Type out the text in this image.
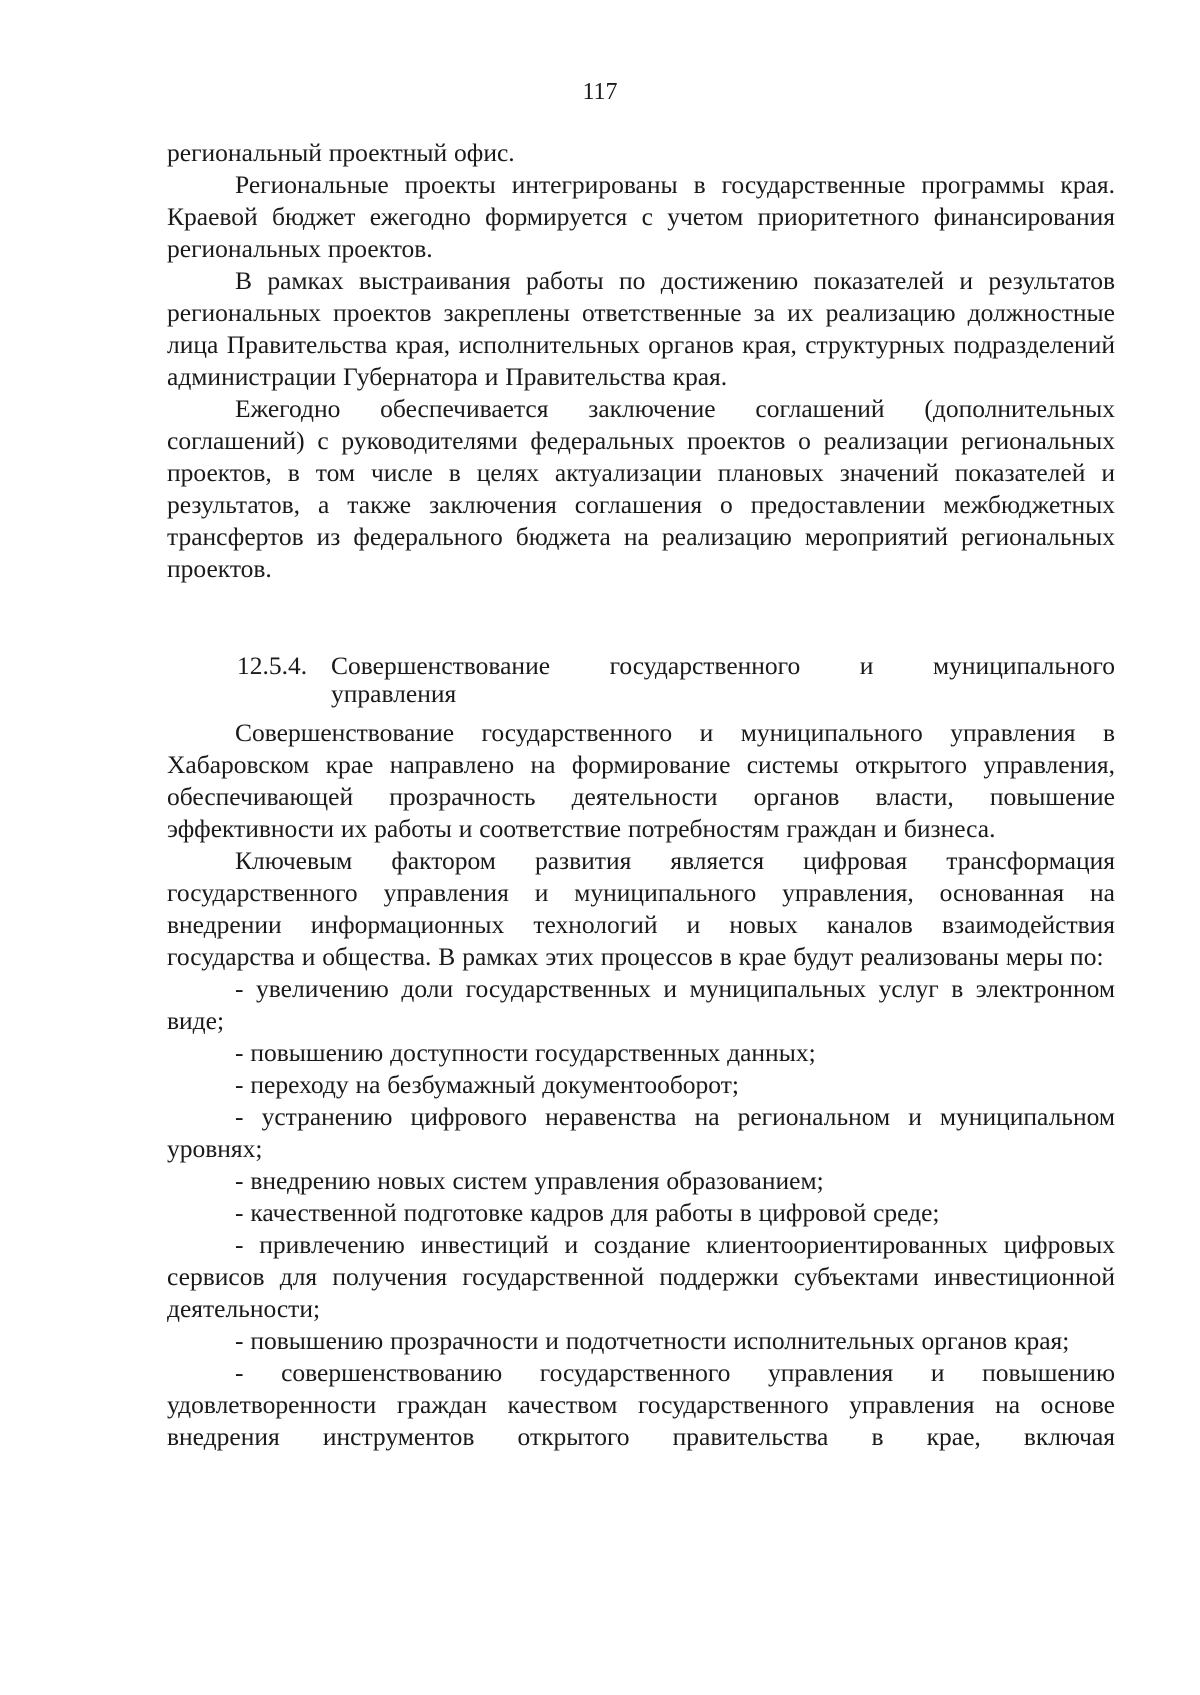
117

региональный проектный офис.

Региональные проекты интегрированы в государственные программы края. Краевой бюджет ежегодно формируется с учетом приоритетного финансирования региональных проектов.

В рамках выстраивания работы по достижению показателей и результатов региональных проектов закреплены ответственные за их реализацию должностные лица Правительства края, исполнительных органов края, структурных подразделений администрации Губернатора и Правительства края.

Ежегодно обеспечивается заключение соглашений (дополнительных соглашений) с руководителями федеральных проектов о реализации региональных проектов, в том числе в целях актуализации плановых значений показателей и результатов, а также заключения соглашения о предоставлении межбюджетных трансфертов из федерального бюджета на реализацию мероприятий региональных проектов.

12.5.4. Совершенствование государственного и муниципального
управления

Совершенствование государственного и муниципального управления в Хабаровском крае направлено на формирование системы открытого управления, обеспечивающей прозрачность деятельности органов власти, повышение эффективности их работы и соответствие потребностям граждан и бизнеса.

Ключевым фактором развития является цифровая трансформация государственного управления и муниципального управления, основанная на внедрении информационных технологий и новых каналов взаимодействия государства и общества. В рамках этих процессов в крае будут реализованы меры по:

- увеличению доли государственных и муниципальных услуг в электронном виде;

- повышению доступности государственных данных;

- переходу на безбумажный документооборот;

- устранению цифрового неравенства на региональном и муниципальном уровнях;

- внедрению новых систем управления образованием;

- качественной подготовке кадров для работы в цифровой среде;

- привлечению инвестиций и создание клиентоориентированных цифровых сервисов для получения государственной поддержки субъектами инвестиционной деятельности;

- повышению прозрачности и подотчетности исполнительных органов края;

- совершенствованию государственного управления и повышению удовлетворенности граждан качеством государственного управления на основе внедрения инструментов открытого правительства в крае, включая
